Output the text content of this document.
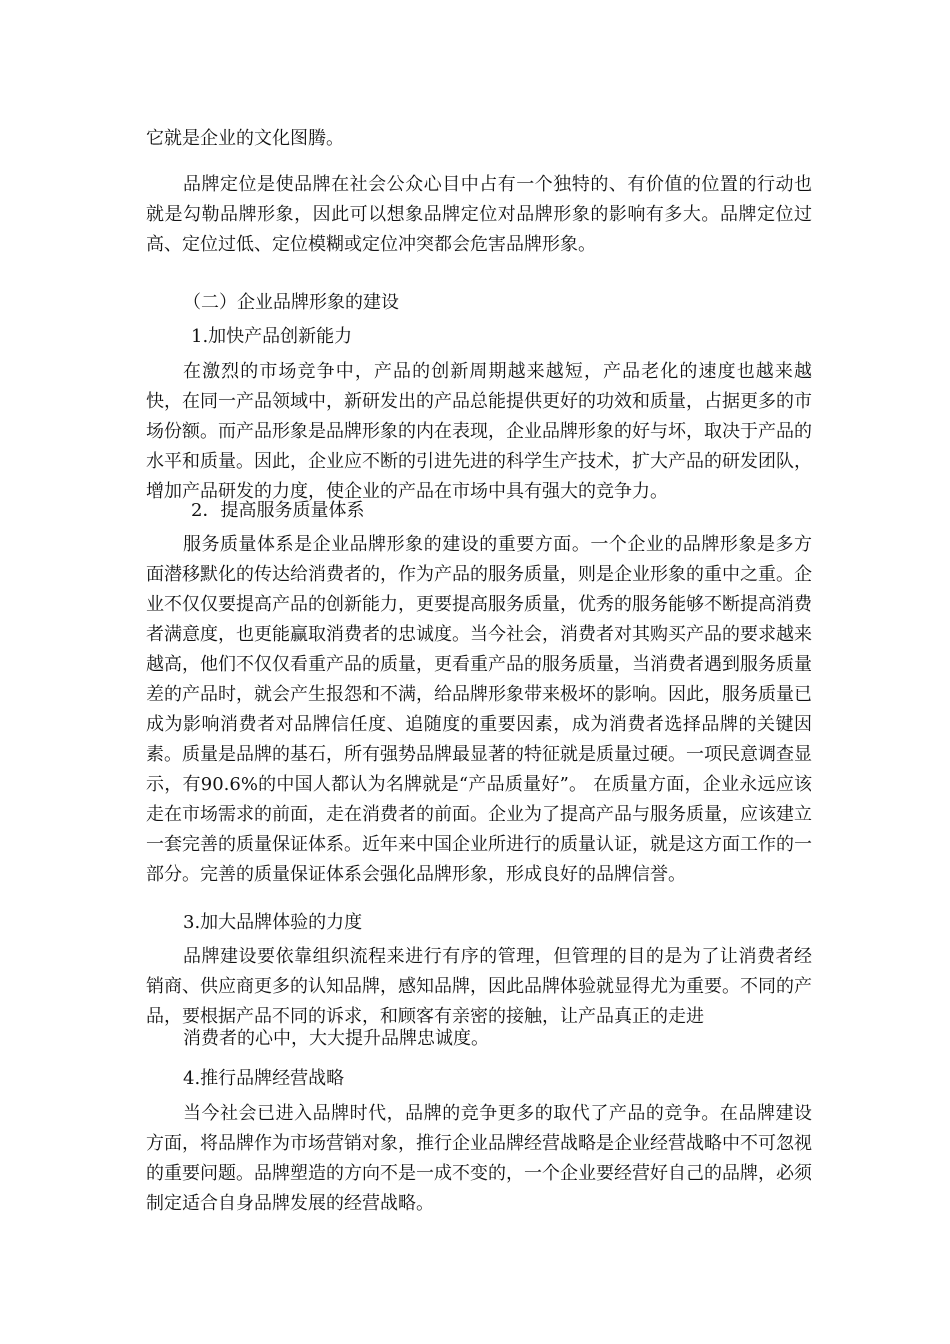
它就是企业的文化图腾。

品牌定位是使品牌在社会公众心目中占有一个独特的、有价值的位置的行动也就是勾勒品牌形象，因此可以想象品牌定位对品牌形象的影响有多大。品牌定位过高、定位过低、定位模糊或定位冲突都会危害品牌形象。

（二）企业品牌形象的建设

1.加快产品创新能力

在激烈的市场竞争中，产品的创新周期越来越短，产品老化的速度也越来越快，在同一产品领域中，新研发出的产品总能提供更好的功效和质量，占据更多的市场份额。而产品形象是品牌形象的内在表现，企业品牌形象的好与坏，取决于产品的水平和质量。因此，企业应不断的引进先进的科学生产技术，扩大产品的研发团队，增加产品研发的力度，使企业的产品在市场中具有强大的竞争力。

2．提高服务质量体系

服务质量体系是企业品牌形象的建设的重要方面。一个企业的品牌形象是多方面潜移默化的传达给消费者的，作为产品的服务质量，则是企业形象的重中之重。企业不仅仅要提高产品的创新能力，更要提高服务质量，优秀的服务能够不断提高消费者满意度，也更能赢取消费者的忠诚度。当今社会，消费者对其购买产品的要求越来越高，他们不仅仅看重产品的质量，更看重产品的服务质量，当消费者遇到服务质量差的产品时，就会产生报怨和不满，给品牌形象带来极坏的影响。因此，服务质量已成为影响消费者对品牌信任度、追随度的重要因素，成为消费者选择品牌的关键因素。质量是品牌的基石，所有强势品牌最显著的特征就是质量过硬。一项民意调查显示，有90.6%的中国人都认为名牌就是“产品质量好”。 在质量方面，企业永远应该走在市场需求的前面，走在消费者的前面。企业为了提高产品与服务质量，应该建立一套完善的质量保证体系。近年来中国企业所进行的质量认证，就是这方面工作的一部分。完善的质量保证体系会强化品牌形象，形成良好的品牌信誉。

3.加大品牌体验的力度

品牌建设要依靠组织流程来进行有序的管理，但管理的目的是为了让消费者经销商、供应商更多的认知品牌，感知品牌，因此品牌体验就显得尤为重要。不同的产品，要根据产品不同的诉求，和顾客有亲密的接触，让产品真正的走进

消费者的心中，大大提升品牌忠诚度。

4.推行品牌经营战略

当今社会已进入品牌时代，品牌的竞争更多的取代了产品的竞争。在品牌建设方面，将品牌作为市场营销对象，推行企业品牌经营战略是企业经营战略中不可忽视的重要问题。品牌塑造的方向不是一成不变的，一个企业要经营好自己的品牌，必须制定适合自身品牌发展的经营战略。
